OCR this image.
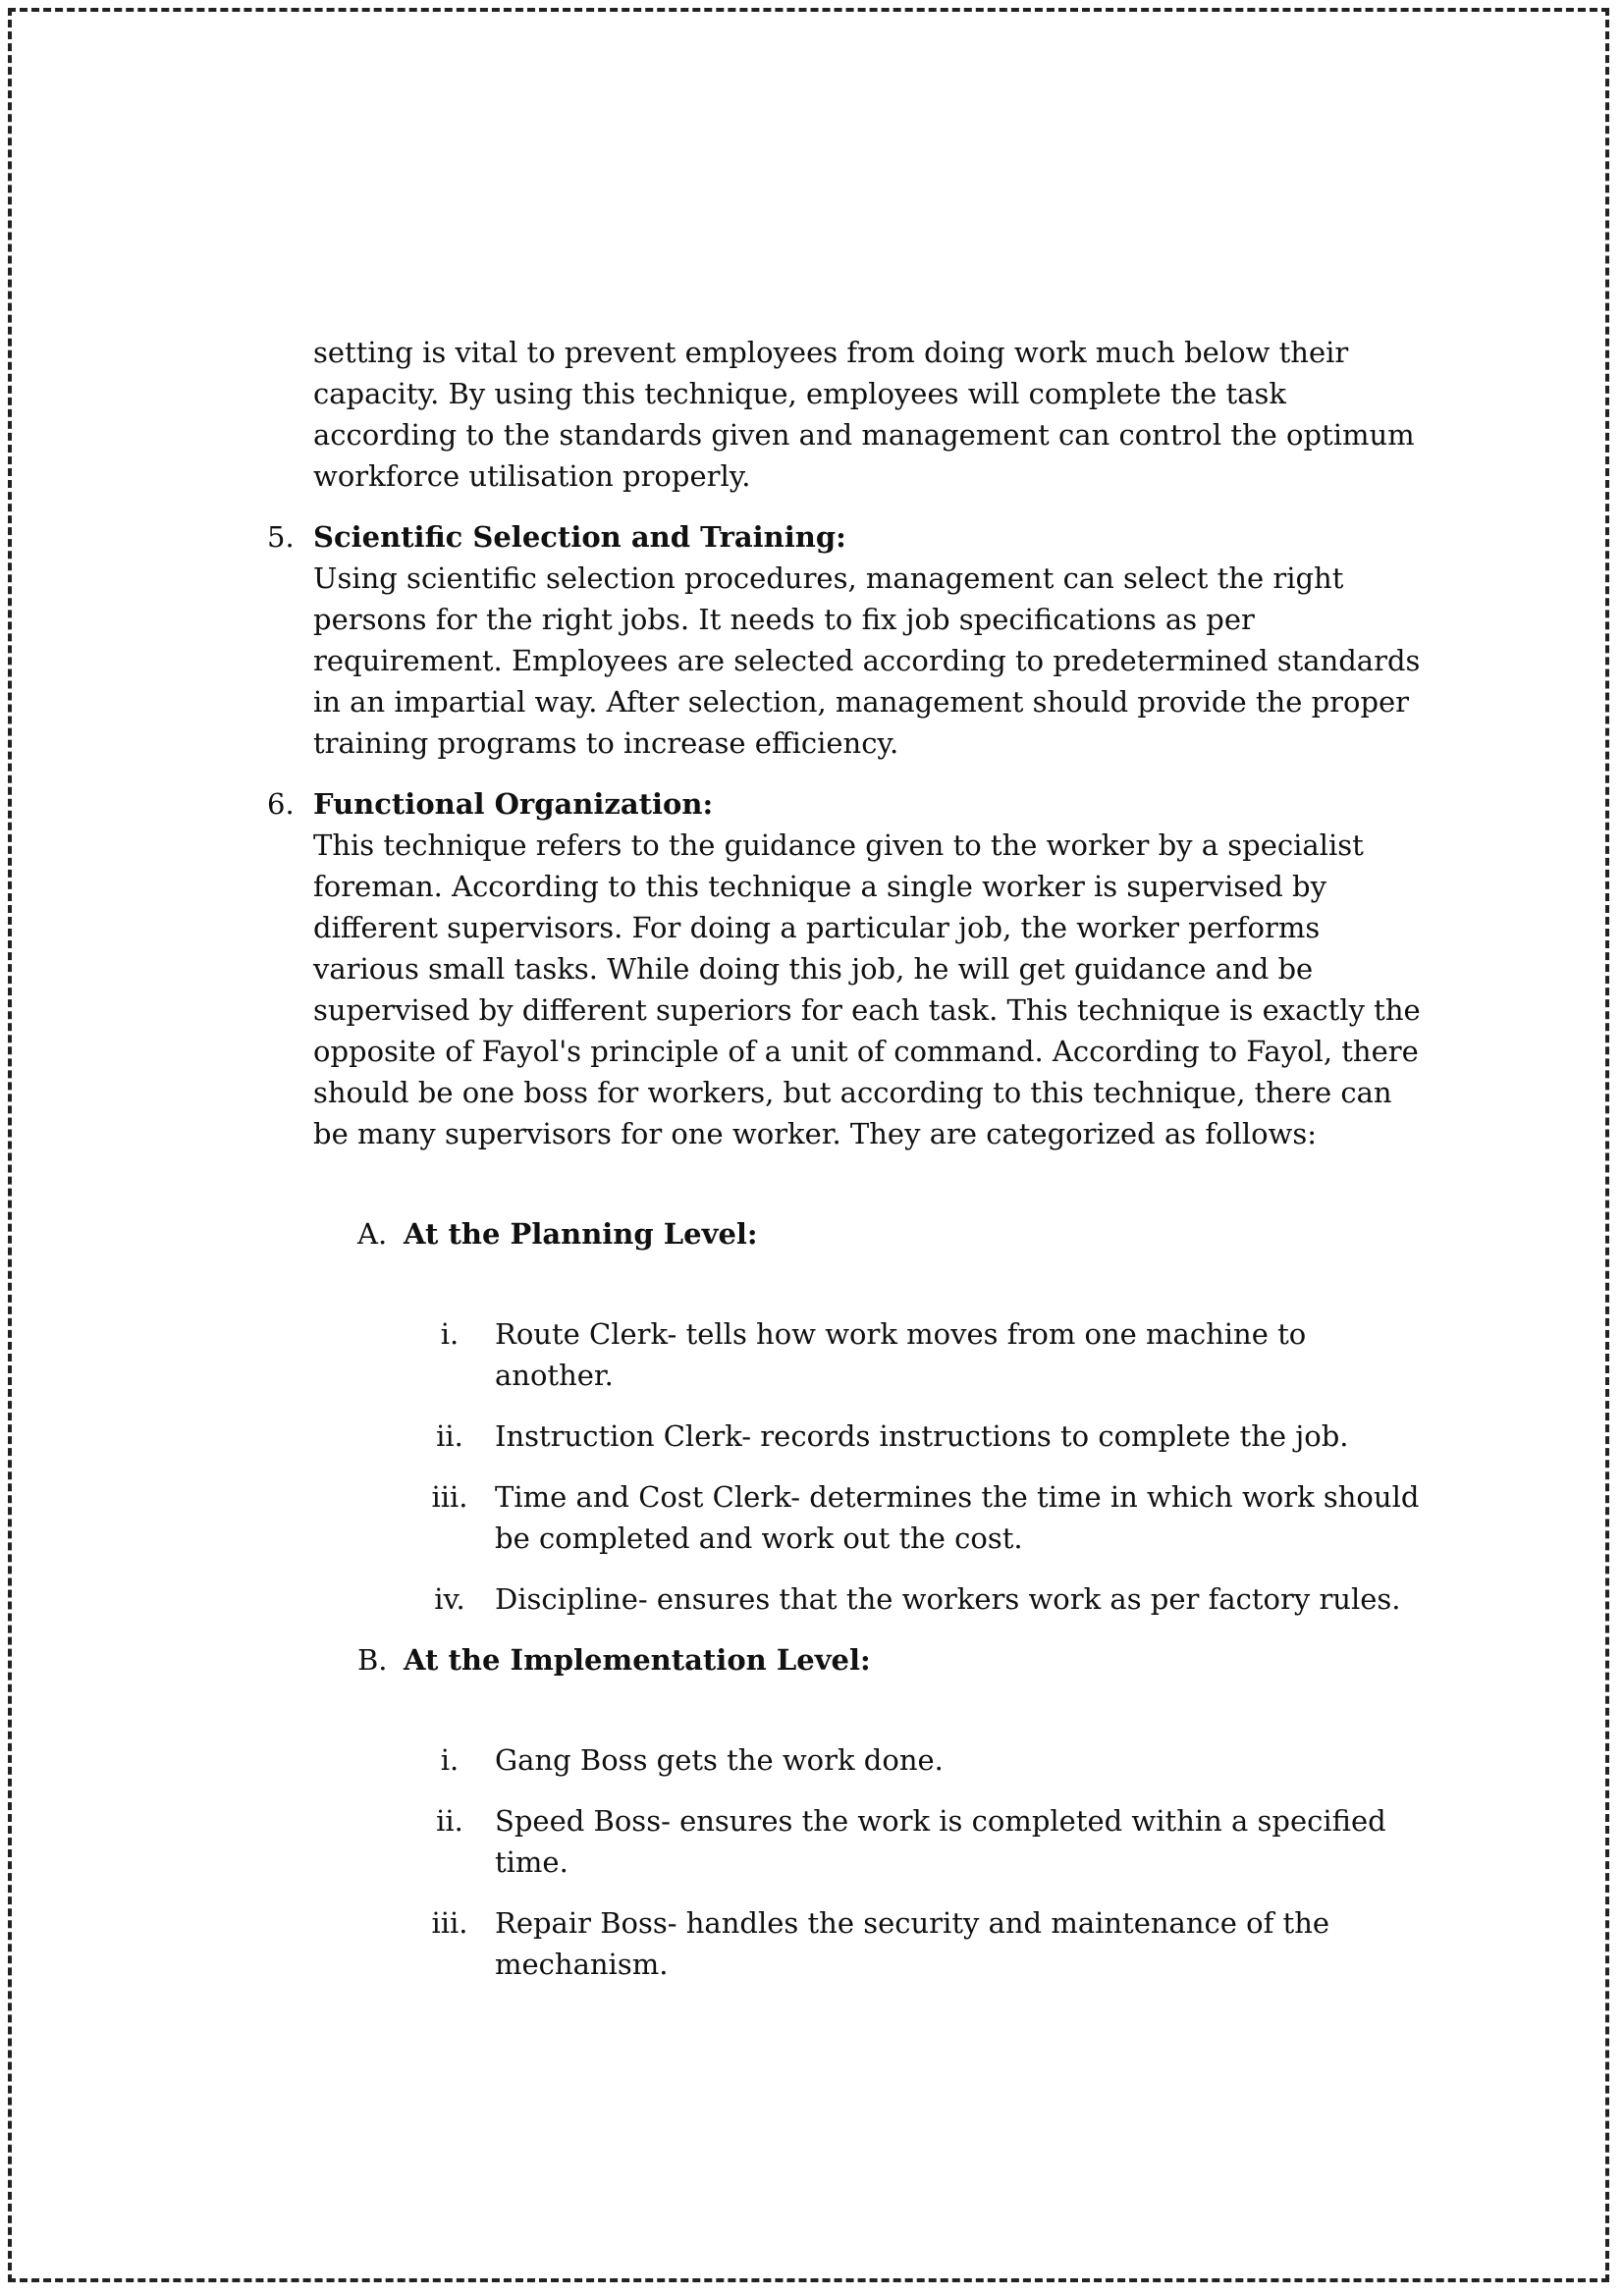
setting is vital to prevent employees from doing work much below their capacity. By using this technique, employees will complete the task according to the standards given and management can control the optimum workforce utilisation properly.

5. Scientific Selection and Training:

Using scientific selection procedures, management can select the right persons for the right jobs. It needs to fix job specifications as per requirement. Employees are selected according to predetermined standards in an impartial way. After selection, management should provide the proper training programs to increase efficiency.

6. Functional Organization:

This technique refers to the guidance given to the worker by a specialist foreman. According to this technique a single worker is supervised by different supervisors. For doing a particular job, the worker performs various small tasks. While doing this job, he will get guidance and be supervised by different superiors for each task. This technique is exactly the opposite of Fayol's principle of a unit of command. According to Fayol, there should be one boss for workers, but according to this technique, there can be many supervisors for one worker. They are categorized as follows:

A. At the Planning Level:
i.	Route Clerk- tells how work moves from one machine to another.
ii.	Instruction Clerk- records instructions to complete the job.
iii. Time and Cost Clerk- determines the time in which work should be completed and work out the cost.
iv.	Discipline- ensures that the workers work as per factory rules.
B. At the Implementation Level:
i.	Gang Boss gets the work done.
ii.	Speed Boss- ensures the work is completed within a specified time.
iii. Repair Boss- handles the security and maintenance of the mechanism.
